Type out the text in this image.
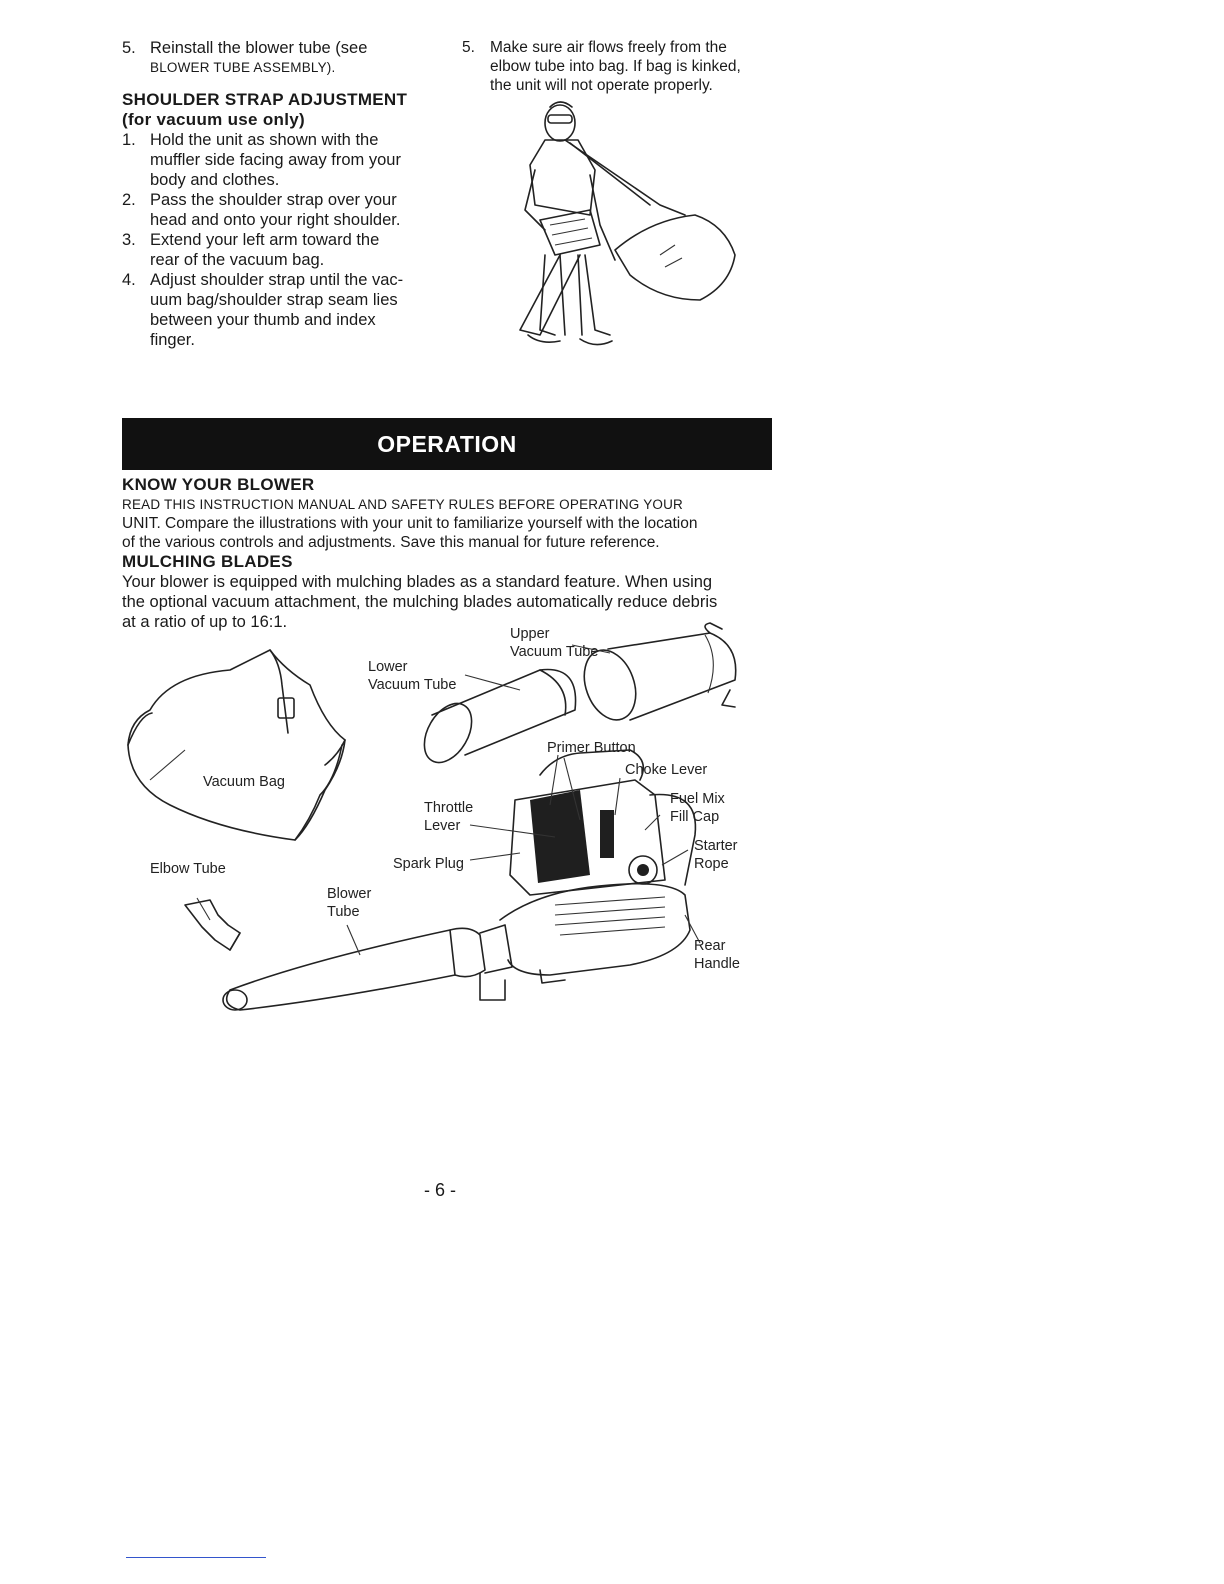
5. Reinstall the blower tube (see
BLOWER TUBE ASSEMBLY).
SHOULDER STRAP ADJUSTMENT
(for vacuum use only)
1. Hold the unit as shown with the
muffler side facing away from your
body and clothes.
2. Pass the shoulder strap over your
head and onto your right shoulder.
3. Extend your left arm toward the
rear of the vacuum bag.
4. Adjust shoulder strap until the vac-
uum bag/shoulder strap seam lies
between your thumb and index
finger.
5. Make sure air flows freely from the
elbow tube into bag. If bag is kinked,
the unit will not operate properly.
OPERATION
KNOW YOUR BLOWER
READ THIS INSTRUCTION MANUAL AND SAFETY RULES BEFORE OPERATING YOUR
UNIT. Compare the illustrations with your unit to familiarize yourself with the location
of the various controls and adjustments. Save this manual for future reference.
MULCHING BLADES
Your blower is equipped with mulching blades as a standard feature. When using
the optional vacuum attachment, the mulching blades automatically reduce debris
at a ratio of up to 16:1.
Upper
Vacuum Tube
Lower
Vacuum Tube
Vacuum Bag
Primer Button
Choke Lever
Fuel Mix
Fill Cap
Throttle
Lever
Starter
Rope
Spark Plug
Elbow Tube
Blower
Tube
Rear
Handle
- 6 -
